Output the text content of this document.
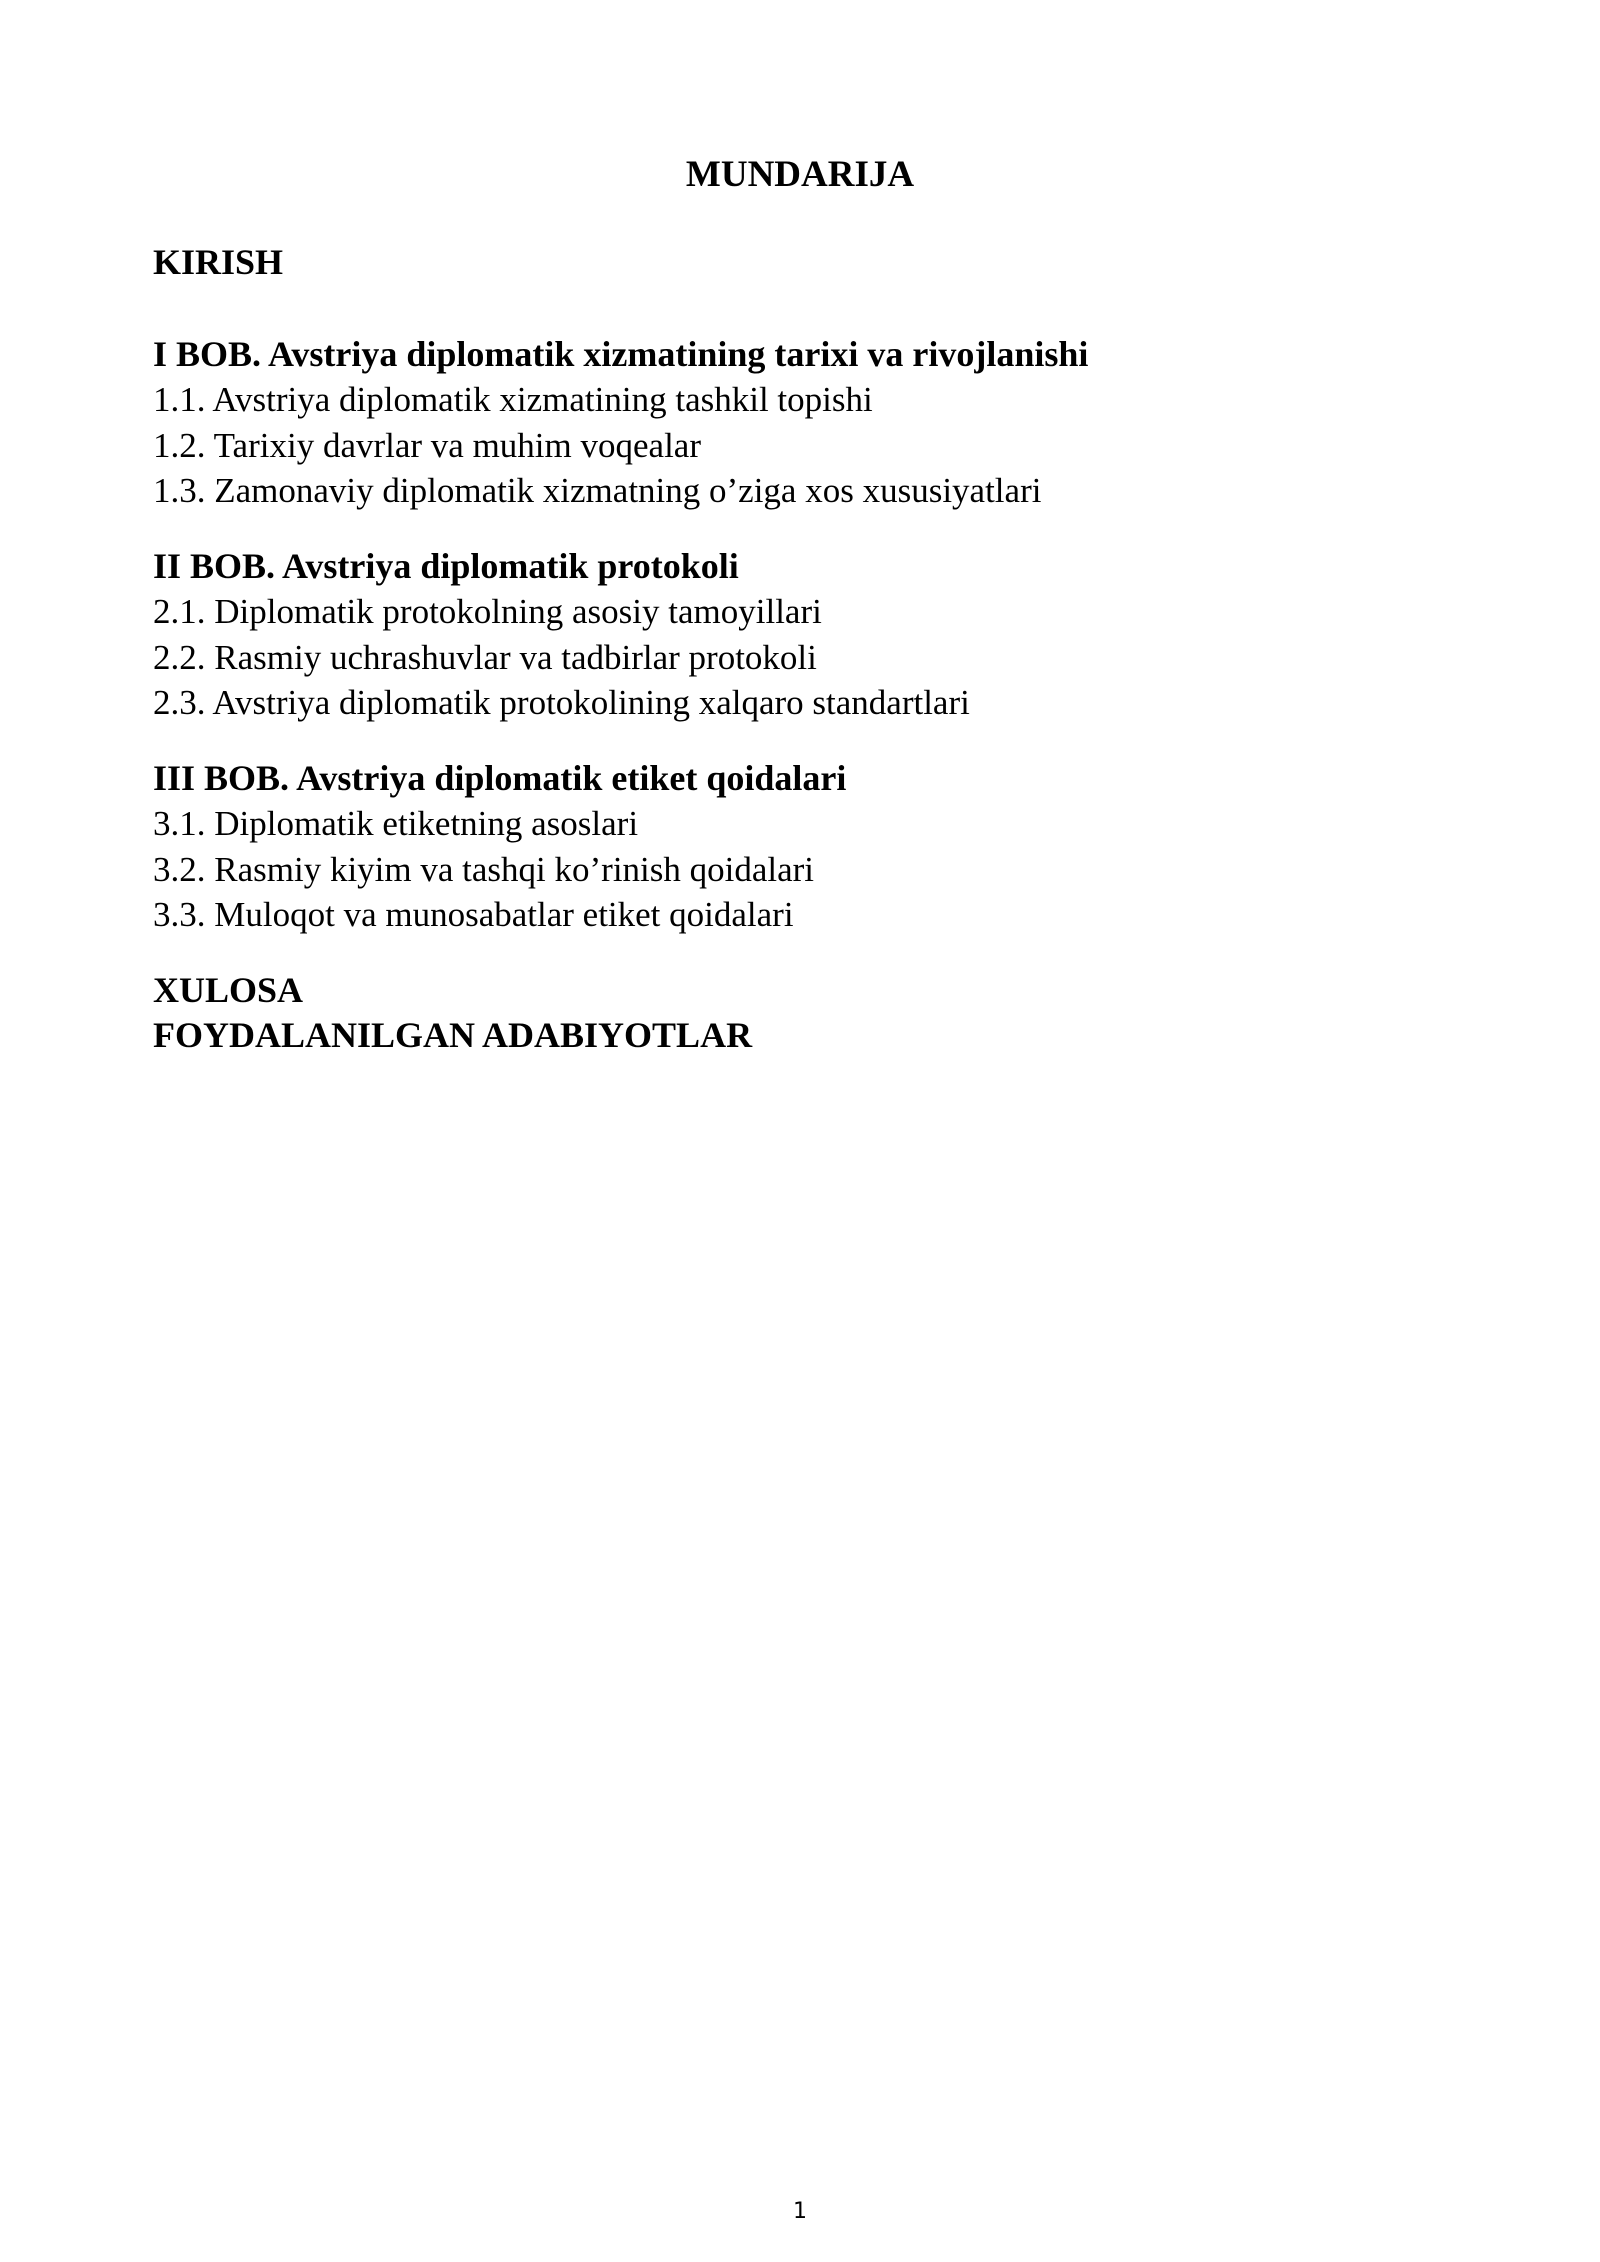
MUNDARIJA
KIRISH
I BOB. Avstriya diplomatik xizmatining tarixi va rivojlanishi
1.1. Avstriya diplomatik xizmatining tashkil topishi
1.2. Tarixiy davrlar va muhim voqealar
1.3. Zamonaviy diplomatik xizmatning o’ziga xos xususiyatlari
II BOB. Avstriya diplomatik protokoli
2.1. Diplomatik protokolning asosiy tamoyillari
2.2. Rasmiy uchrashuvlar va tadbirlar protokoli
2.3. Avstriya diplomatik protokolining xalqaro standartlari
III BOB. Avstriya diplomatik etiket qoidalari
3.1. Diplomatik etiketning asoslari
3.2. Rasmiy kiyim va tashqi ko’rinish qoidalari
3.3. Muloqot va munosabatlar etiket qoidalari
XULOSA
FOYDALANILGAN ADABIYOTLAR
1
